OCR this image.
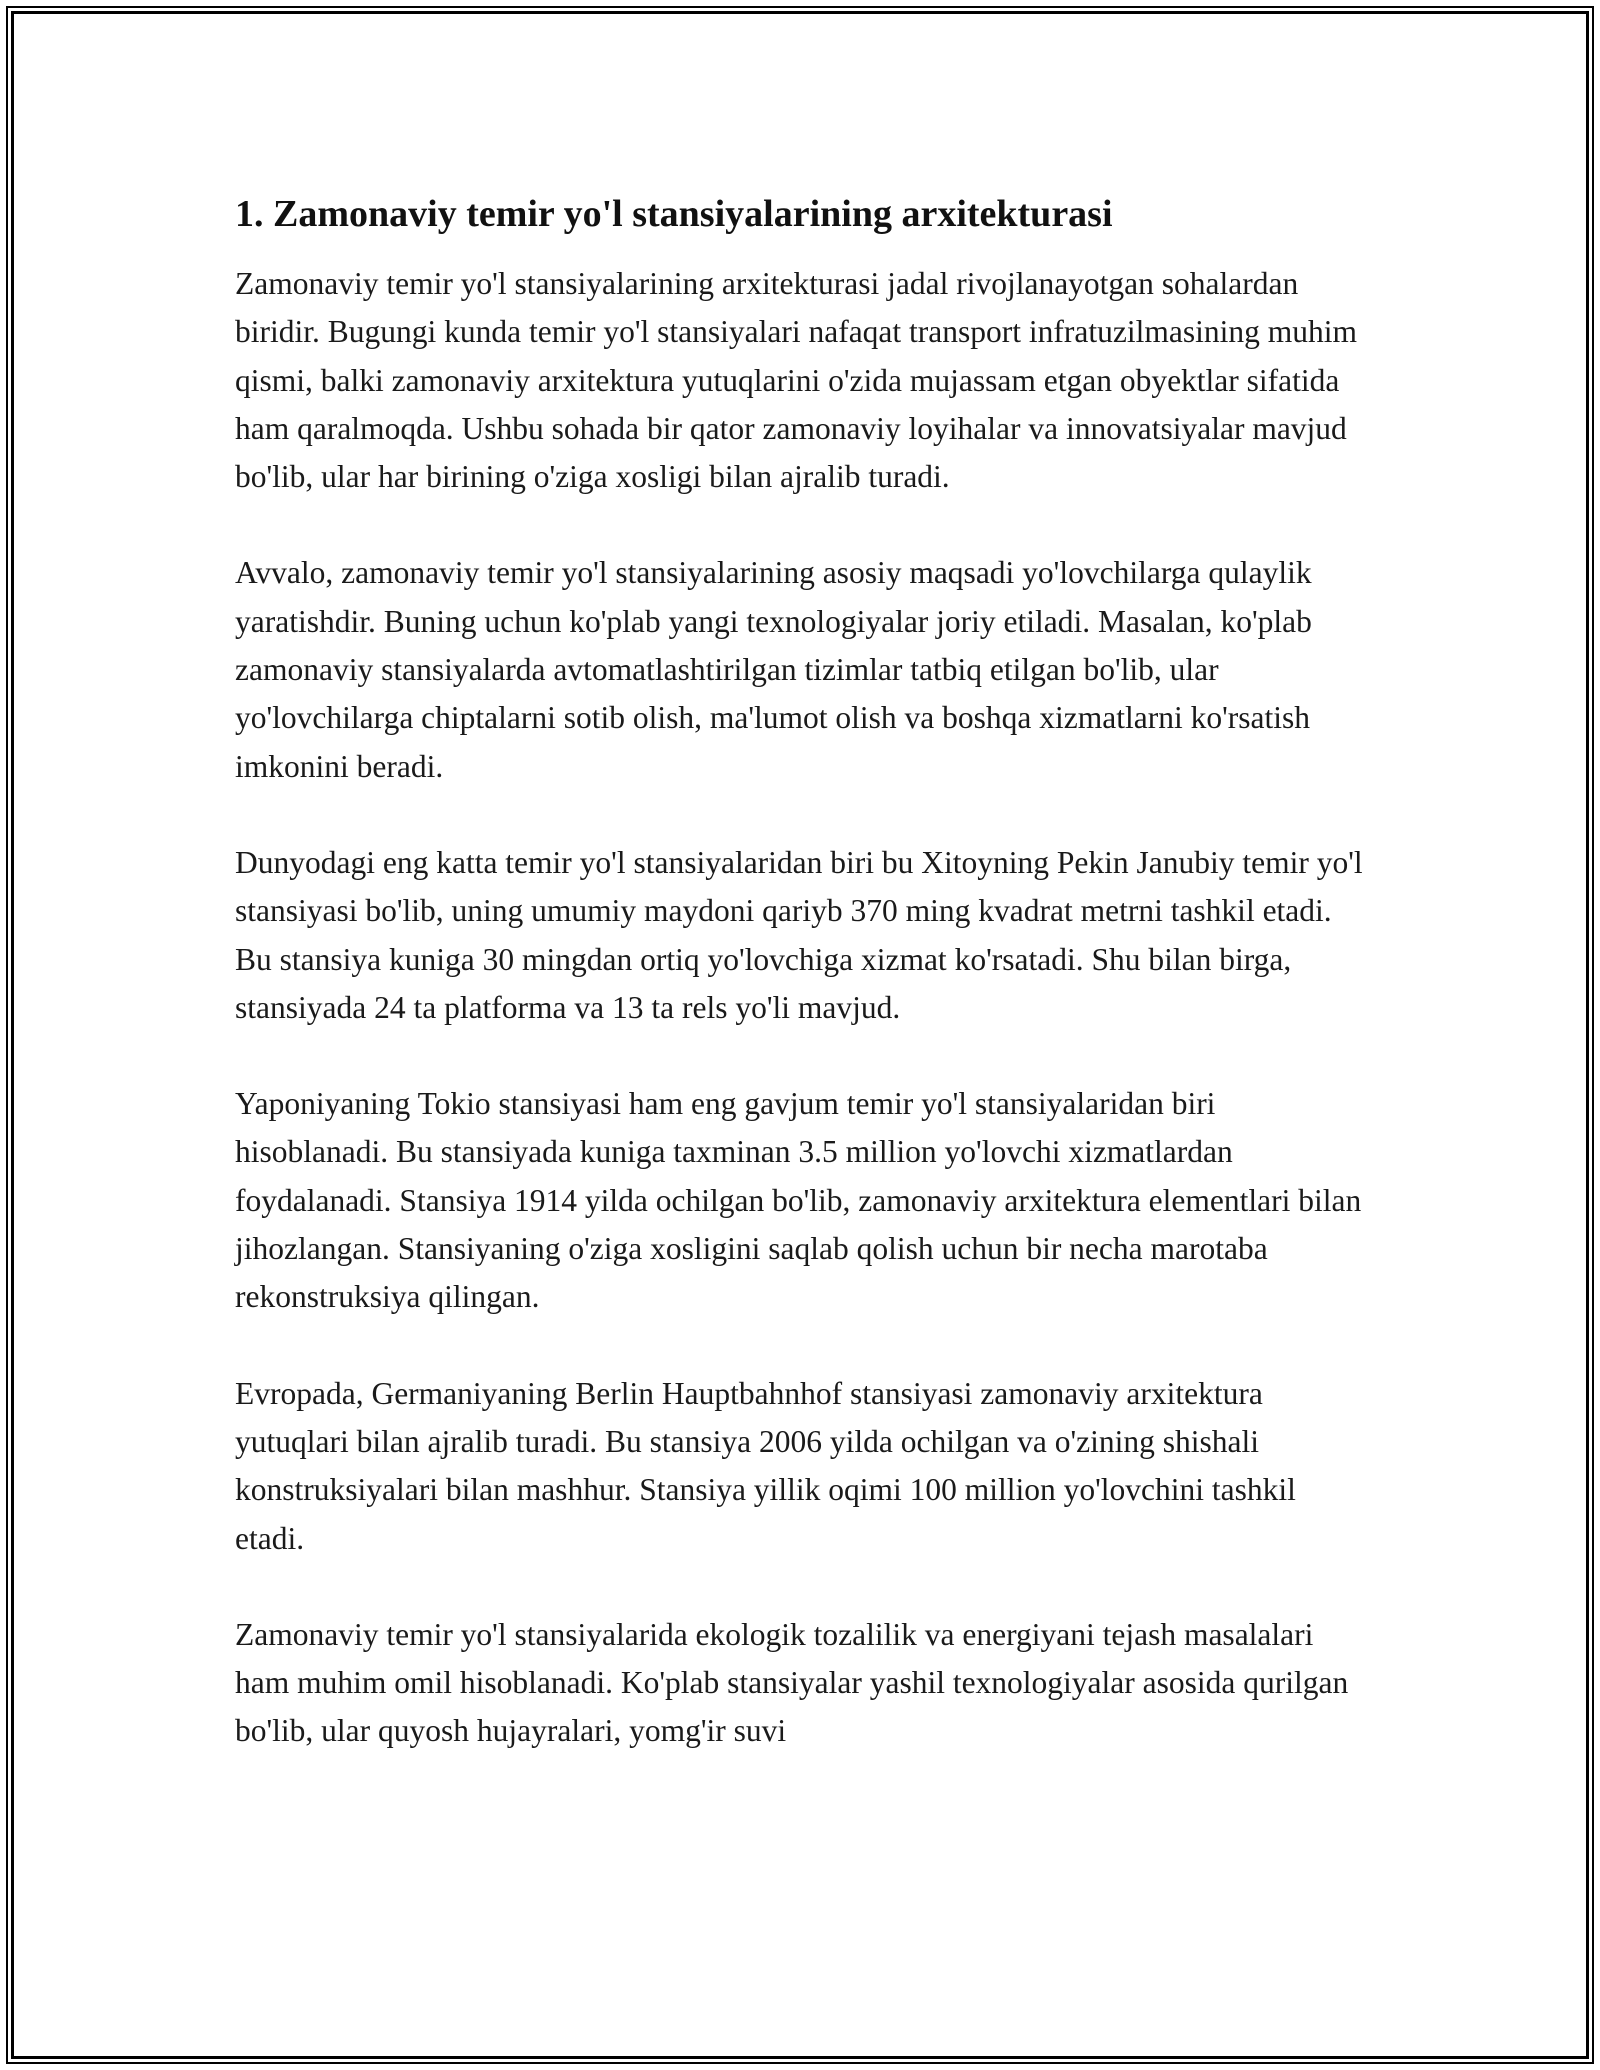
1. Zamonaviy temir yo'l stansiyalarining arxitekturasi

Zamonaviy temir yo'l stansiyalarining arxitekturasi jadal rivojlanayotgan sohalardan biridir. Bugungi kunda temir yo'l stansiyalari nafaqat transport infratuzilmasining muhim qismi, balki zamonaviy arxitektura yutuqlarini o'zida mujassam etgan obyektlar sifatida ham qaralmoqda. Ushbu sohada bir qator zamonaviy loyihalar va innovatsiyalar mavjud bo'lib, ular har birining o'ziga xosligi bilan ajralib turadi.

Avvalo, zamonaviy temir yo'l stansiyalarining asosiy maqsadi yo'lovchilarga qulaylik yaratishdir. Buning uchun ko'plab yangi texnologiyalar joriy etiladi. Masalan, ko'plab zamonaviy stansiyalarda avtomatlashtirilgan tizimlar tatbiq etilgan bo'lib, ular yo'lovchilarga chiptalarni sotib olish, ma'lumot olish va boshqa xizmatlarni ko'rsatish imkonini beradi.

Dunyodagi eng katta temir yo'l stansiyalaridan biri bu Xitoyning Pekin Janubiy temir yo'l stansiyasi bo'lib, uning umumiy maydoni qariyb 370 ming kvadrat metrni tashkil etadi. Bu stansiya kuniga 30 mingdan ortiq yo'lovchiga xizmat ko'rsatadi. Shu bilan birga, stansiyada 24 ta platforma va 13 ta rels yo'li mavjud.

Yaponiyaning Tokio stansiyasi ham eng gavjum temir yo'l stansiyalaridan biri hisoblanadi. Bu stansiyada kuniga taxminan 3.5 million yo'lovchi xizmatlardan foydalanadi. Stansiya 1914 yilda ochilgan bo'lib, zamonaviy arxitektura elementlari bilan jihozlangan. Stansiyaning o'ziga xosligini saqlab qolish uchun bir necha marotaba rekonstruksiya qilingan.

Evropada, Germaniyaning Berlin Hauptbahnhof stansiyasi zamonaviy arxitektura yutuqlari bilan ajralib turadi. Bu stansiya 2006 yilda ochilgan va o'zining shishali konstruksiyalari bilan mashhur. Stansiya yillik oqimi 100 million yo'lovchini tashkil etadi.

Zamonaviy temir yo'l stansiyalarida ekologik tozalilik va energiyani tejash masalalari ham muhim omil hisoblanadi. Ko'plab stansiyalar yashil texnologiyalar asosida qurilgan bo'lib, ular quyosh hujayralari, yomg'ir suvi
